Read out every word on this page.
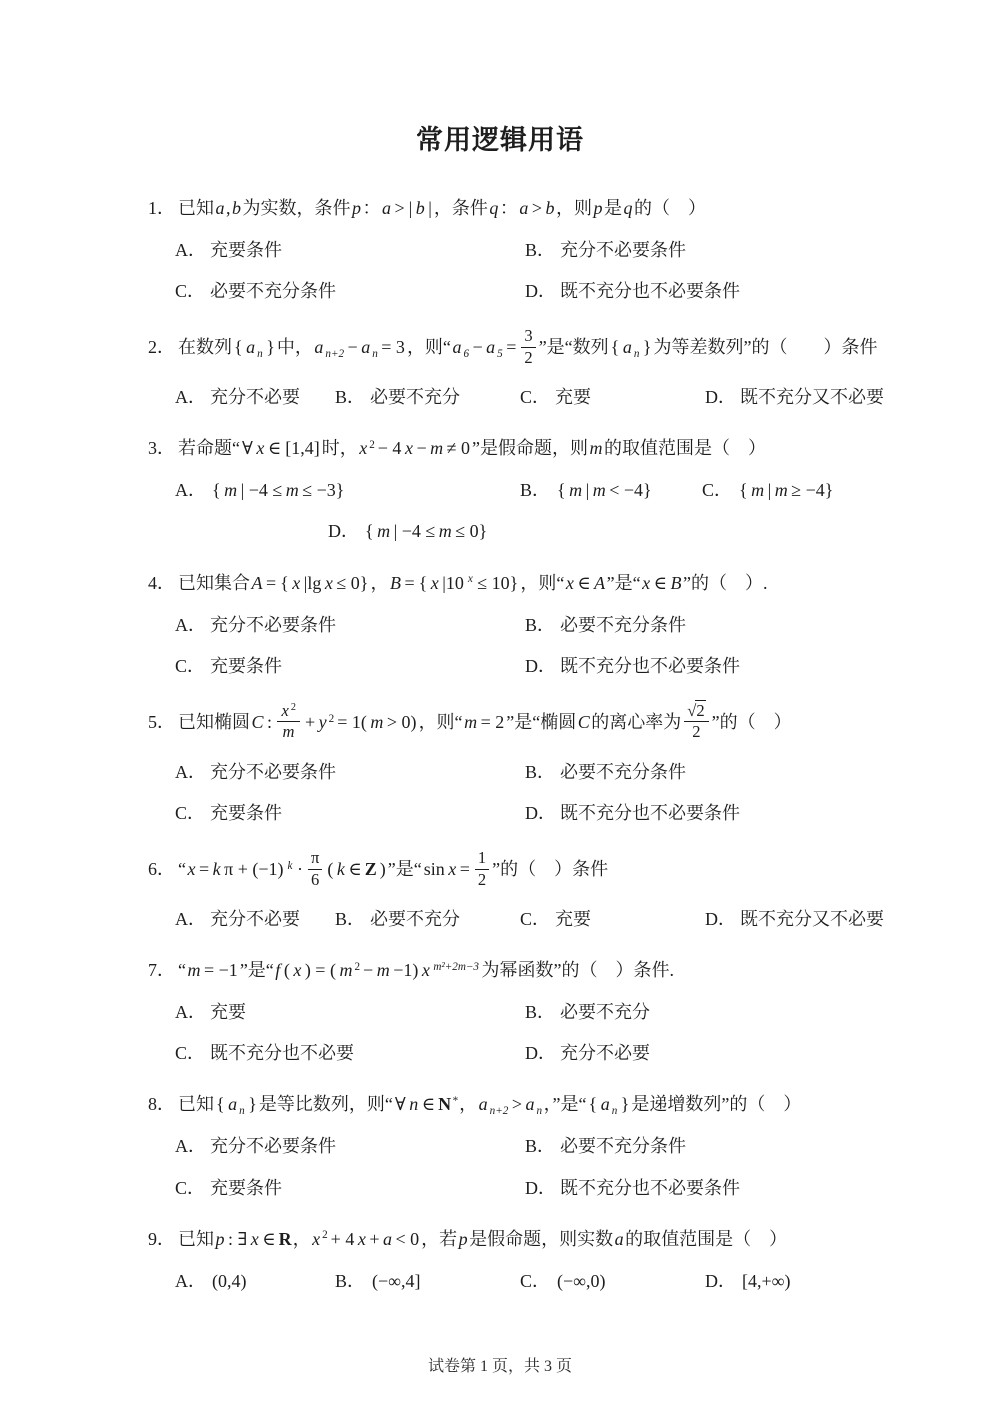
常用逻辑用语
1． 已知a,b为实数，条件p：a > | b | ，条件q：a > b，则p是q的（　）
A． 充要条件	B． 充分不必要条件
C． 必要不充分条件	D． 既不充分也不必要条件
2． 在数列 { a n } 中，a n+2 − a n = 3 ，则“a 6 − a $5 = \frac{3}{2}$ ”是“数列 { a n } 为等差数列”的（　　）条件
A． 充分不必要	B． 必要不充分	C． 充要	D． 既不充分又不必要
3． 若命题“ ∀ x ∈ [1,4] 时，x 2 − 4 x − m ≠ 0 ”是假命题，则m的取值范围是（　）
A． { m | −4 ≤ m ≤ −3}	B． { m | m < −4}	C． { m | m ≥ −4}
D． { m | −4 ≤ m ≤ 0}
4． 已知集合A = { x |lg x ≤ 0} ，B = { x |10 x ≤ 10} ，则“x ∈ A”是“x ∈ B”的（　）.
A． 充分不必要条件	B． 必要不充分条件
C． 充要条件	D． 既不充分也不必要条件
5． 已知椭圆C : $\frac{x 2}{m} + y$ 2 = 1( m > 0) ，则“m = 2 ”是“椭圆C的离心率为 $\frac{√2}{2}$ ”的（　）
A． 充分不必要条件	B． 必要不充分条件
C． 充要条件	D． 既不充分也不必要条件
6． “x = k π + (−1) $k \cdot \frac{\pi}{6}$ ( k ∈ Z ) ”是“ $\sin x = \frac{1}{2}$ ”的（　）条件
A． 充分不必要	B． 必要不充分	C． 充要	D． 既不充分又不必要
7． “m = −1 ”是“f ( x ) = ( m 2 − m −1) x m²+2m−3 为幂函数”的（　）条件.
A． 充要	B． 必要不充分
C． 既不充分也不必要	D． 充分不必要
8． 已知 { a n } 是等比数列，则“ ∀ n ∈ N *，a n+2 > a n，”是“ { a n } 是递增数列”的（　）
A． 充分不必要条件	B． 必要不充分条件
C． 充要条件	D． 既不充分也不必要条件
9． 已知p : ∃ x ∈ R，x 2 + 4 x + a < 0 ，若p是假命题，则实数a的取值范围是（　）
A． (0,4)	B． (−∞,4]	C． (−∞,0)	D． [4,+∞)
试卷第 1 页，共 3 页
